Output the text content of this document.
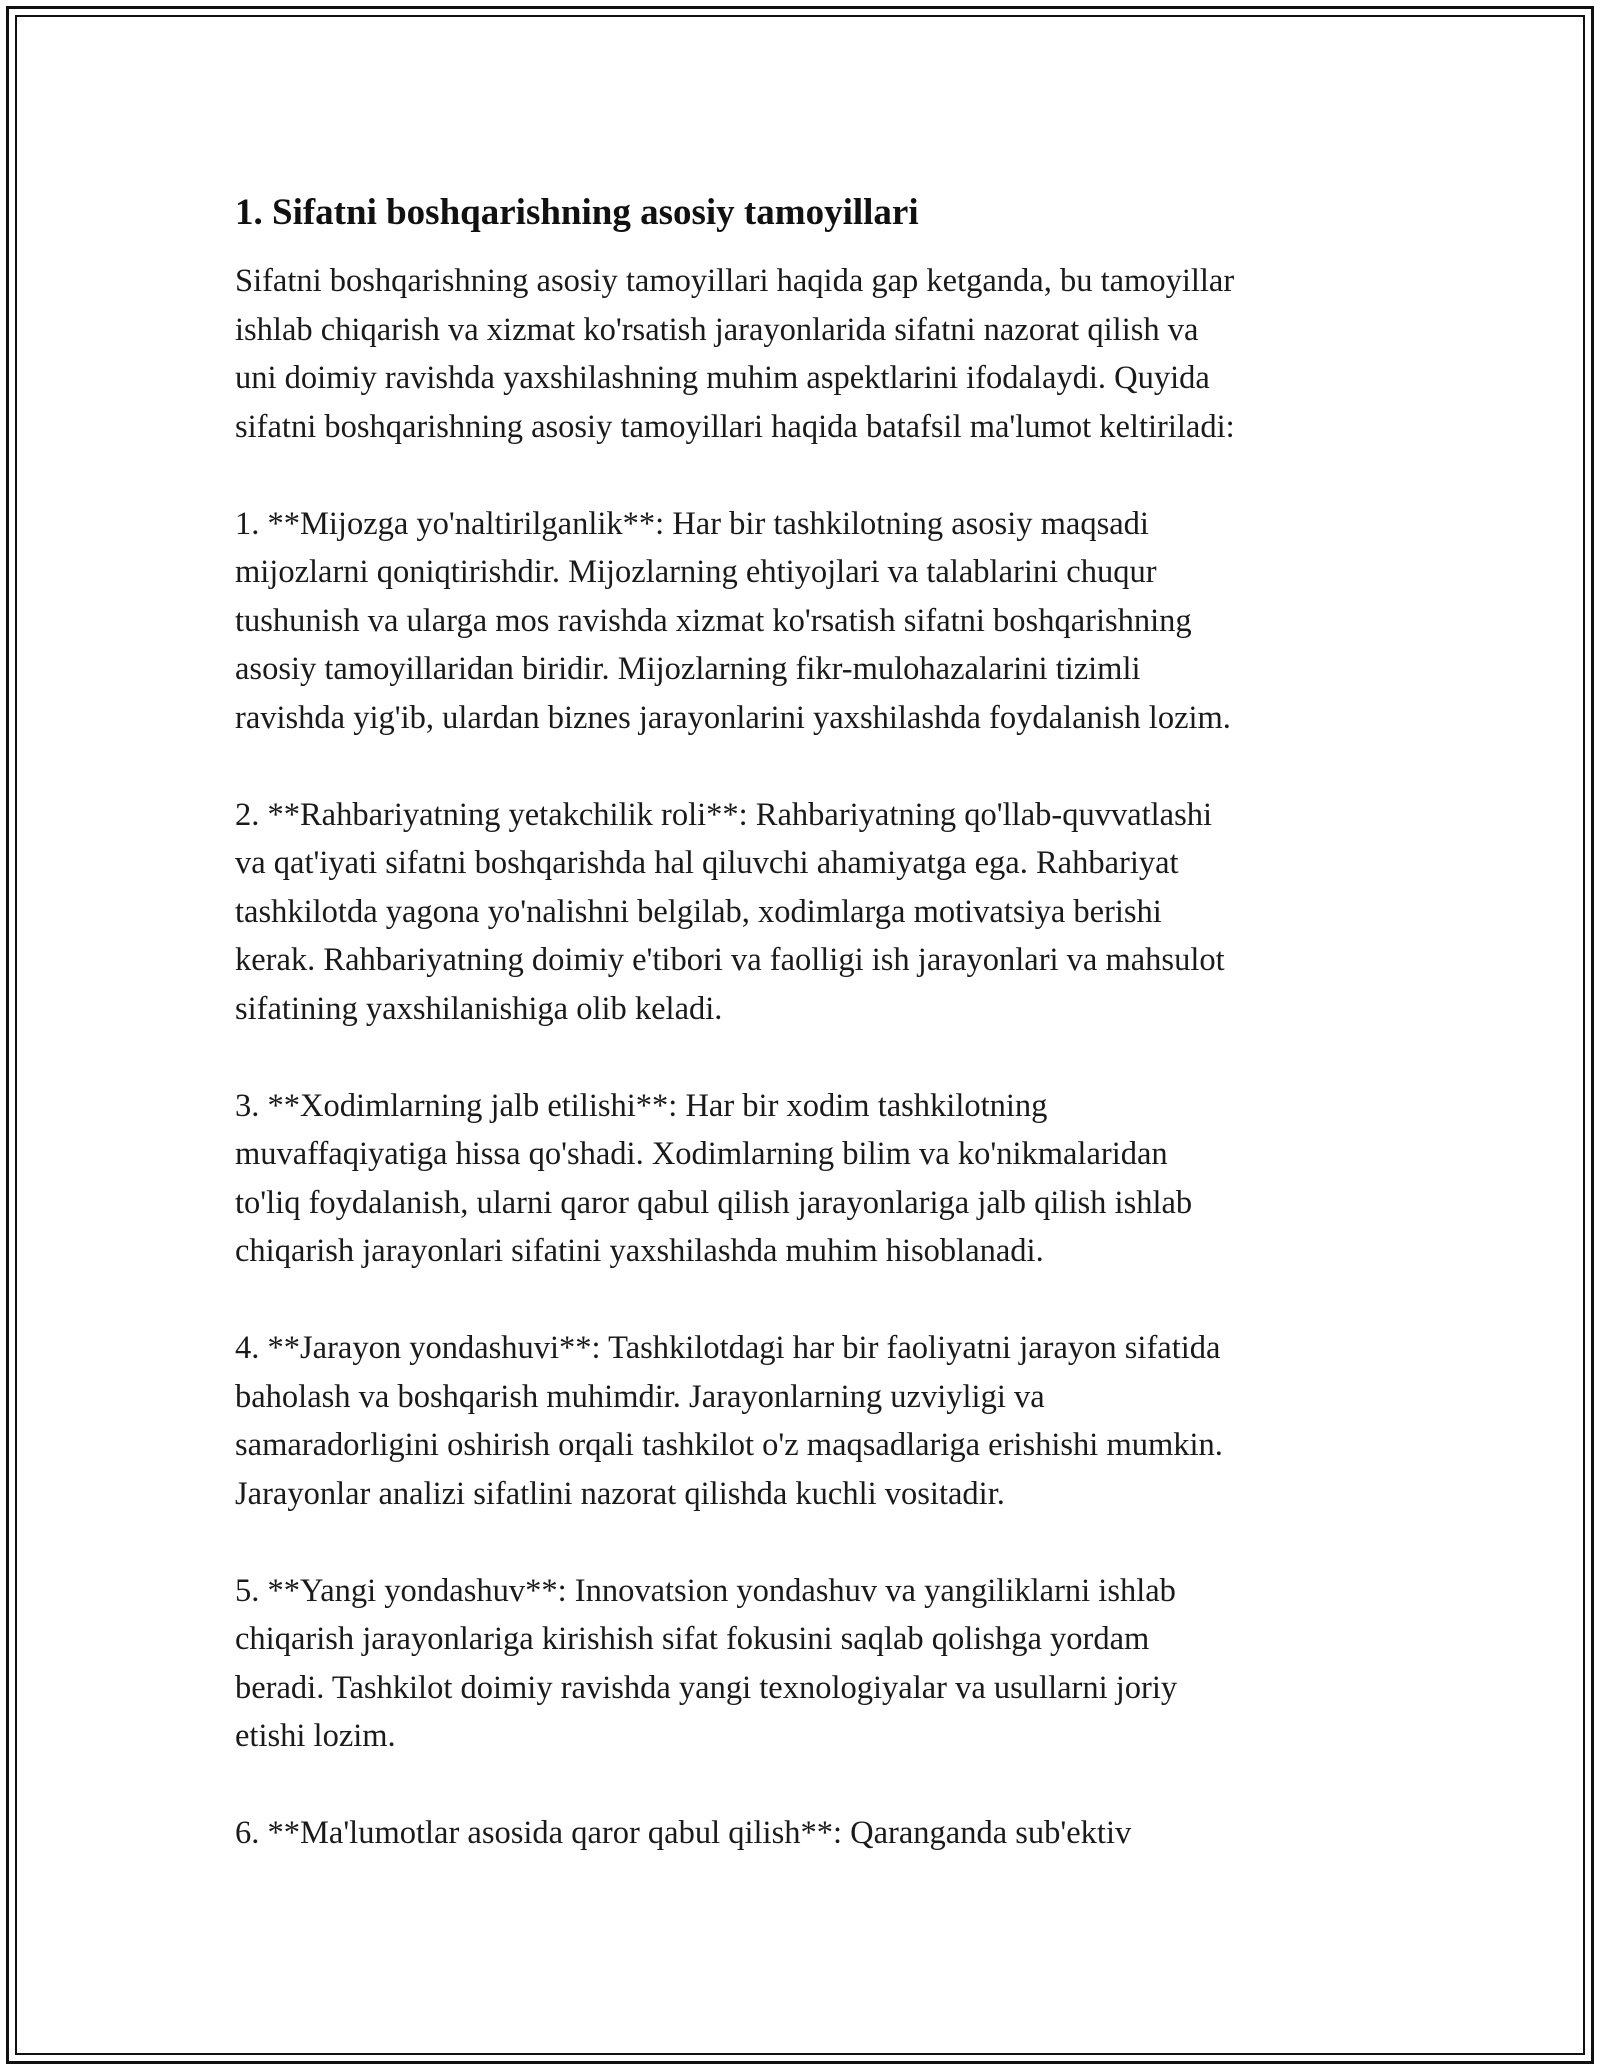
1. Sifatni boshqarishning asosiy tamoyillari

Sifatni boshqarishning asosiy tamoyillari haqida gap ketganda, bu tamoyillar
ishlab chiqarish va xizmat ko'rsatish jarayonlarida sifatni nazorat qilish va
uni doimiy ravishda yaxshilashning muhim aspektlarini ifodalaydi. Quyida
sifatni boshqarishning asosiy tamoyillari haqida batafsil ma'lumot keltiriladi:

1. **Mijozga yo'naltirilganlik**: Har bir tashkilotning asosiy maqsadi
mijozlarni qoniqtirishdir. Mijozlarning ehtiyojlari va talablarini chuqur
tushunish va ularga mos ravishda xizmat ko'rsatish sifatni boshqarishning
asosiy tamoyillaridan biridir. Mijozlarning fikr-mulohazalarini tizimli
ravishda yig'ib, ulardan biznes jarayonlarini yaxshilashda foydalanish lozim.

2. **Rahbariyatning yetakchilik roli**: Rahbariyatning qo'llab-quvvatlashi
va qat'iyati sifatni boshqarishda hal qiluvchi ahamiyatga ega. Rahbariyat
tashkilotda yagona yo'nalishni belgilab, xodimlarga motivatsiya berishi
kerak. Rahbariyatning doimiy e'tibori va faolligi ish jarayonlari va mahsulot
sifatining yaxshilanishiga olib keladi.

3. **Xodimlarning jalb etilishi**: Har bir xodim tashkilotning
muvaffaqiyatiga hissa qo'shadi. Xodimlarning bilim va ko'nikmalaridan
to'liq foydalanish, ularni qaror qabul qilish jarayonlariga jalb qilish ishlab
chiqarish jarayonlari sifatini yaxshilashda muhim hisoblanadi.

4. **Jarayon yondashuvi**: Tashkilotdagi har bir faoliyatni jarayon sifatida
baholash va boshqarish muhimdir. Jarayonlarning uzviyligi va
samaradorligini oshirish orqali tashkilot o'z maqsadlariga erishishi mumkin.
Jarayonlar analizi sifatlini nazorat qilishda kuchli vositadir.

5. **Yangi yondashuv**: Innovatsion yondashuv va yangiliklarni ishlab
chiqarish jarayonlariga kirishish sifat fokusini saqlab qolishga yordam
beradi. Tashkilot doimiy ravishda yangi texnologiyalar va usullarni joriy
etishi lozim.

6. **Ma'lumotlar asosida qaror qabul qilish**: Qaranganda sub'ektiv
